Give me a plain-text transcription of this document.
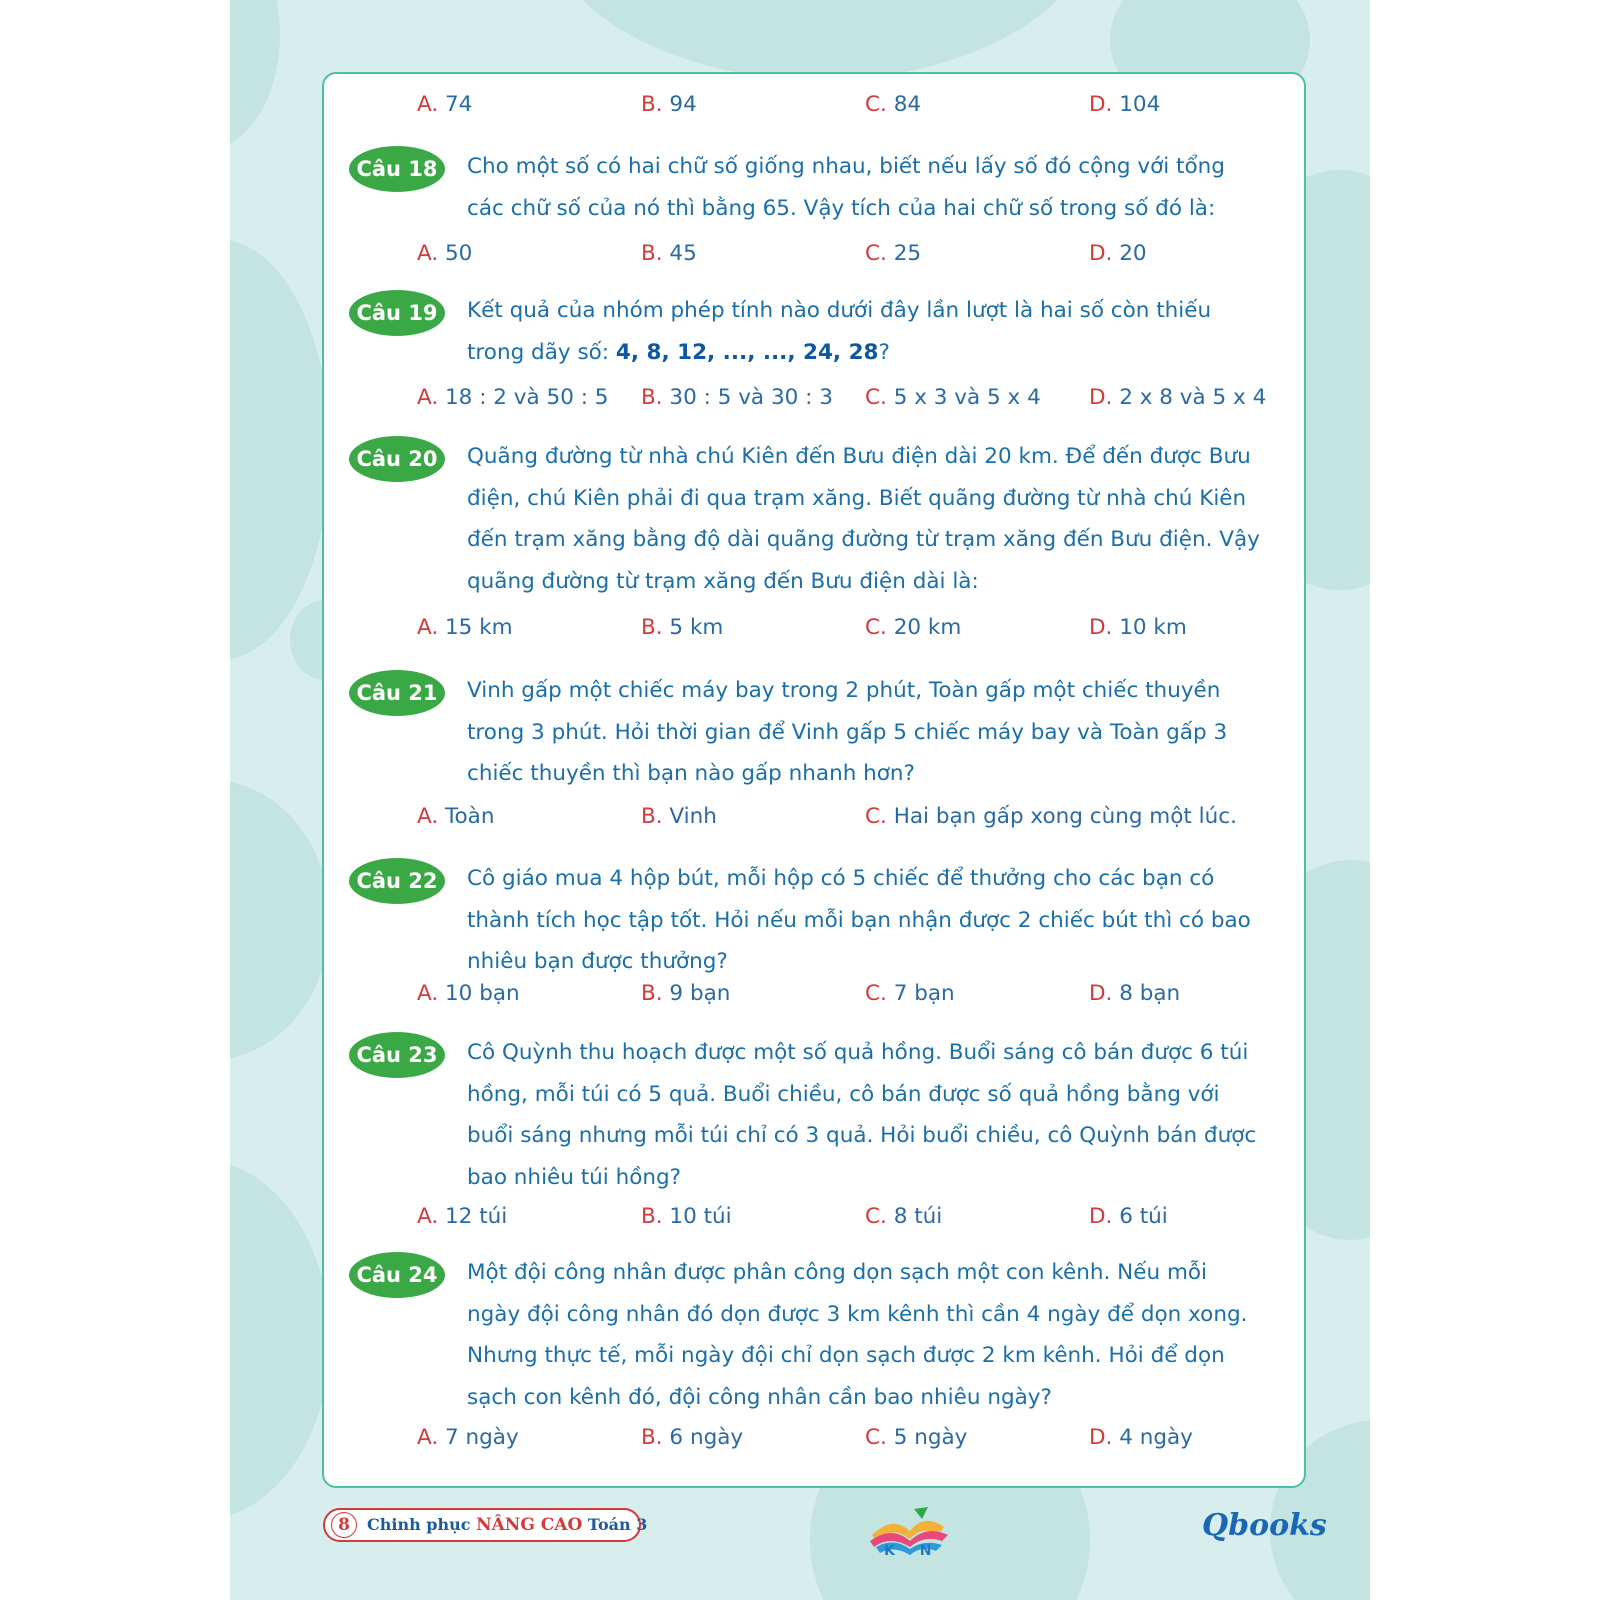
A. 74	B. 94	C. 84	D. 104
Câu 18	Cho một số có hai chữ số giống nhau, biết nếu lấy số đó cộng với tổng
các chữ số của nó thì bằng 65. Vậy tích của hai chữ số trong số đó là:
A. 50	B. 45	C. 25	D. 20
Câu 19	Kết quả của nhóm phép tính nào dưới đây lần lượt là hai số còn thiếu
trong dãy số: 4, 8, 12, ..., ..., 24, 28?
A. 18 : 2 và 50 : 5 B. 30 : 5 và 30 : 3 C. 5 x 3 và 5 x 4 D. 2 x 8 và 5 x 4
Câu 20	Quãng đường từ nhà chú Kiên đến Bưu điện dài 20 km. Để đến được Bưu
điện, chú Kiên phải đi qua trạm xăng. Biết quãng đường từ nhà chú Kiên
đến trạm xăng bằng độ dài quãng đường từ trạm xăng đến Bưu điện. Vậy
quãng đường từ trạm xăng đến Bưu điện dài là:
A. 15 km	B. 5 km	C. 20 km	D. 10 km
Câu 21	Vinh gấp một chiếc máy bay trong 2 phút, Toàn gấp một chiếc thuyền
trong 3 phút. Hỏi thời gian để Vinh gấp 5 chiếc máy bay và Toàn gấp 3
chiếc thuyền thì bạn nào gấp nhanh hơn?
A. Toàn	B. Vinh	C. Hai bạn gấp xong cùng một lúc.
Câu 22	Cô giáo mua 4 hộp bút, mỗi hộp có 5 chiếc để thưởng cho các bạn có
thành tích học tập tốt. Hỏi nếu mỗi bạn nhận được 2 chiếc bút thì có bao
nhiêu bạn được thưởng?
A. 10 bạn	B. 9 bạn	C. 7 bạn	D. 8 bạn
Câu 23	Cô Quỳnh thu hoạch được một số quả hồng. Buổi sáng cô bán được 6 túi
hồng, mỗi túi có 5 quả. Buổi chiều, cô bán được số quả hồng bằng với
buổi sáng nhưng mỗi túi chỉ có 3 quả. Hỏi buổi chiều, cô Quỳnh bán được
bao nhiêu túi hồng?
A. 12 túi	B. 10 túi	C. 8 túi	D. 6 túi
Câu 24	Một đội công nhân được phân công dọn sạch một con kênh. Nếu mỗi
ngày đội công nhân đó dọn được 3 km kênh thì cần 4 ngày để dọn xong.
Nhưng thực tế, mỗi ngày đội chỉ dọn sạch được 2 km kênh. Hỏi để dọn
sạch con kênh đó, đội công nhân cần bao nhiêu ngày?
A. 7 ngày	B. 6 ngày	C. 5 ngày	D. 4 ngày
8	Chinh phục NÂNG CAO Toán 3
K N
Qbooks
